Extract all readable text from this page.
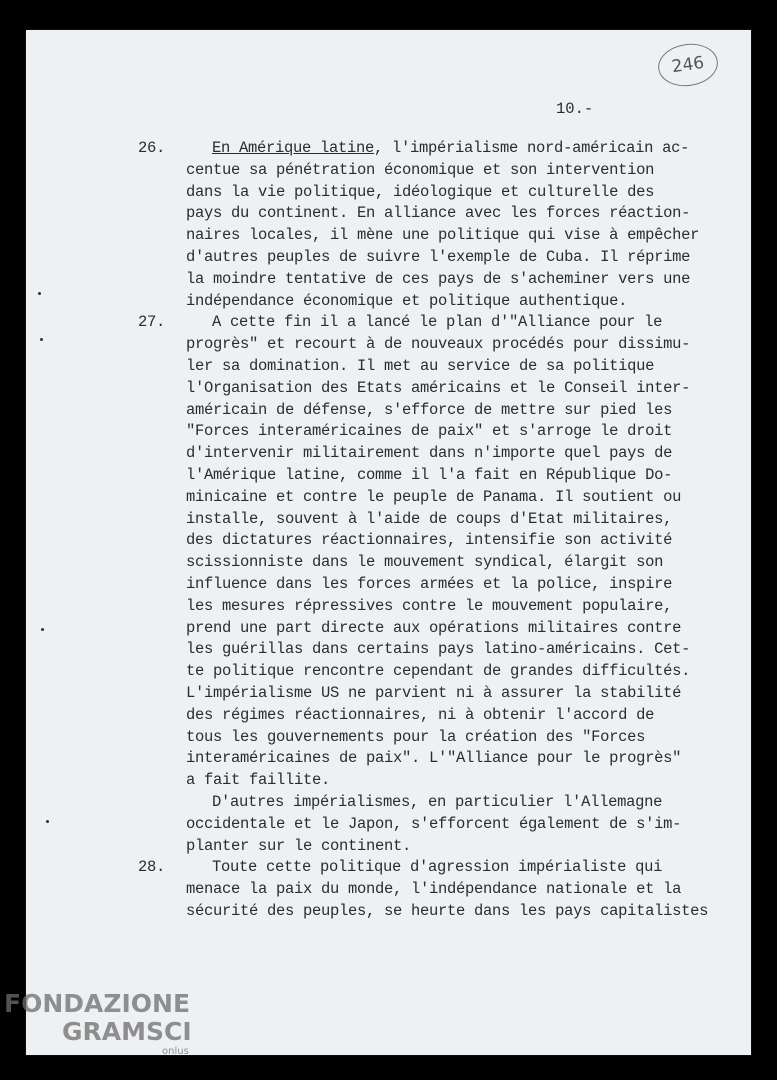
246
10.-
26.	En Amérique latine, l'impérialisme nord-américain ac-
centue sa pénétration économique et son intervention
dans la vie politique, idéologique et culturelle des
pays du continent. En alliance avec les forces réaction-
naires locales, il mène une politique qui vise à empêcher
d'autres peuples de suivre l'exemple de Cuba. Il réprime
la moindre tentative de ces pays de s'acheminer vers une
indépendance économique et politique authentique.
27.	A cette fin il a lancé le plan d'"Alliance pour le
progrès" et recourt à de nouveaux procédés pour dissimu-
ler sa domination. Il met au service de sa politique
l'Organisation des Etats américains et le Conseil inter-
américain de défense, s'efforce de mettre sur pied les
"Forces interaméricaines de paix" et s'arroge le droit
d'intervenir militairement dans n'importe quel pays de
l'Amérique latine, comme il l'a fait en République Do-
minicaine et contre le peuple de Panama. Il soutient ou
installe, souvent à l'aide de coups d'Etat militaires,
des dictatures réactionnaires, intensifie son activité
scissionniste dans le mouvement syndical, élargit son
influence dans les forces armées et la police, inspire
les mesures répressives contre le mouvement populaire,
prend une part directe aux opérations militaires contre
les guérillas dans certains pays latino-américains. Cet-
te politique rencontre cependant de grandes difficultés.
L'impérialisme US ne parvient ni à assurer la stabilité
des régimes réactionnaires, ni à obtenir l'accord de
tous les gouvernements pour la création des "Forces
interaméricaines de paix". L'"Alliance pour le progrès"
a fait faillite.
D'autres impérialismes, en particulier l'Allemagne
occidentale et le Japon, s'efforcent également de s'im-
planter sur le continent.
28.	Toute cette politique d'agression impérialiste qui
menace la paix du monde, l'indépendance nationale et la
sécurité des peuples, se heurte dans les pays capitalistes
FONDAZIONE
GRAMSCI
onlus
